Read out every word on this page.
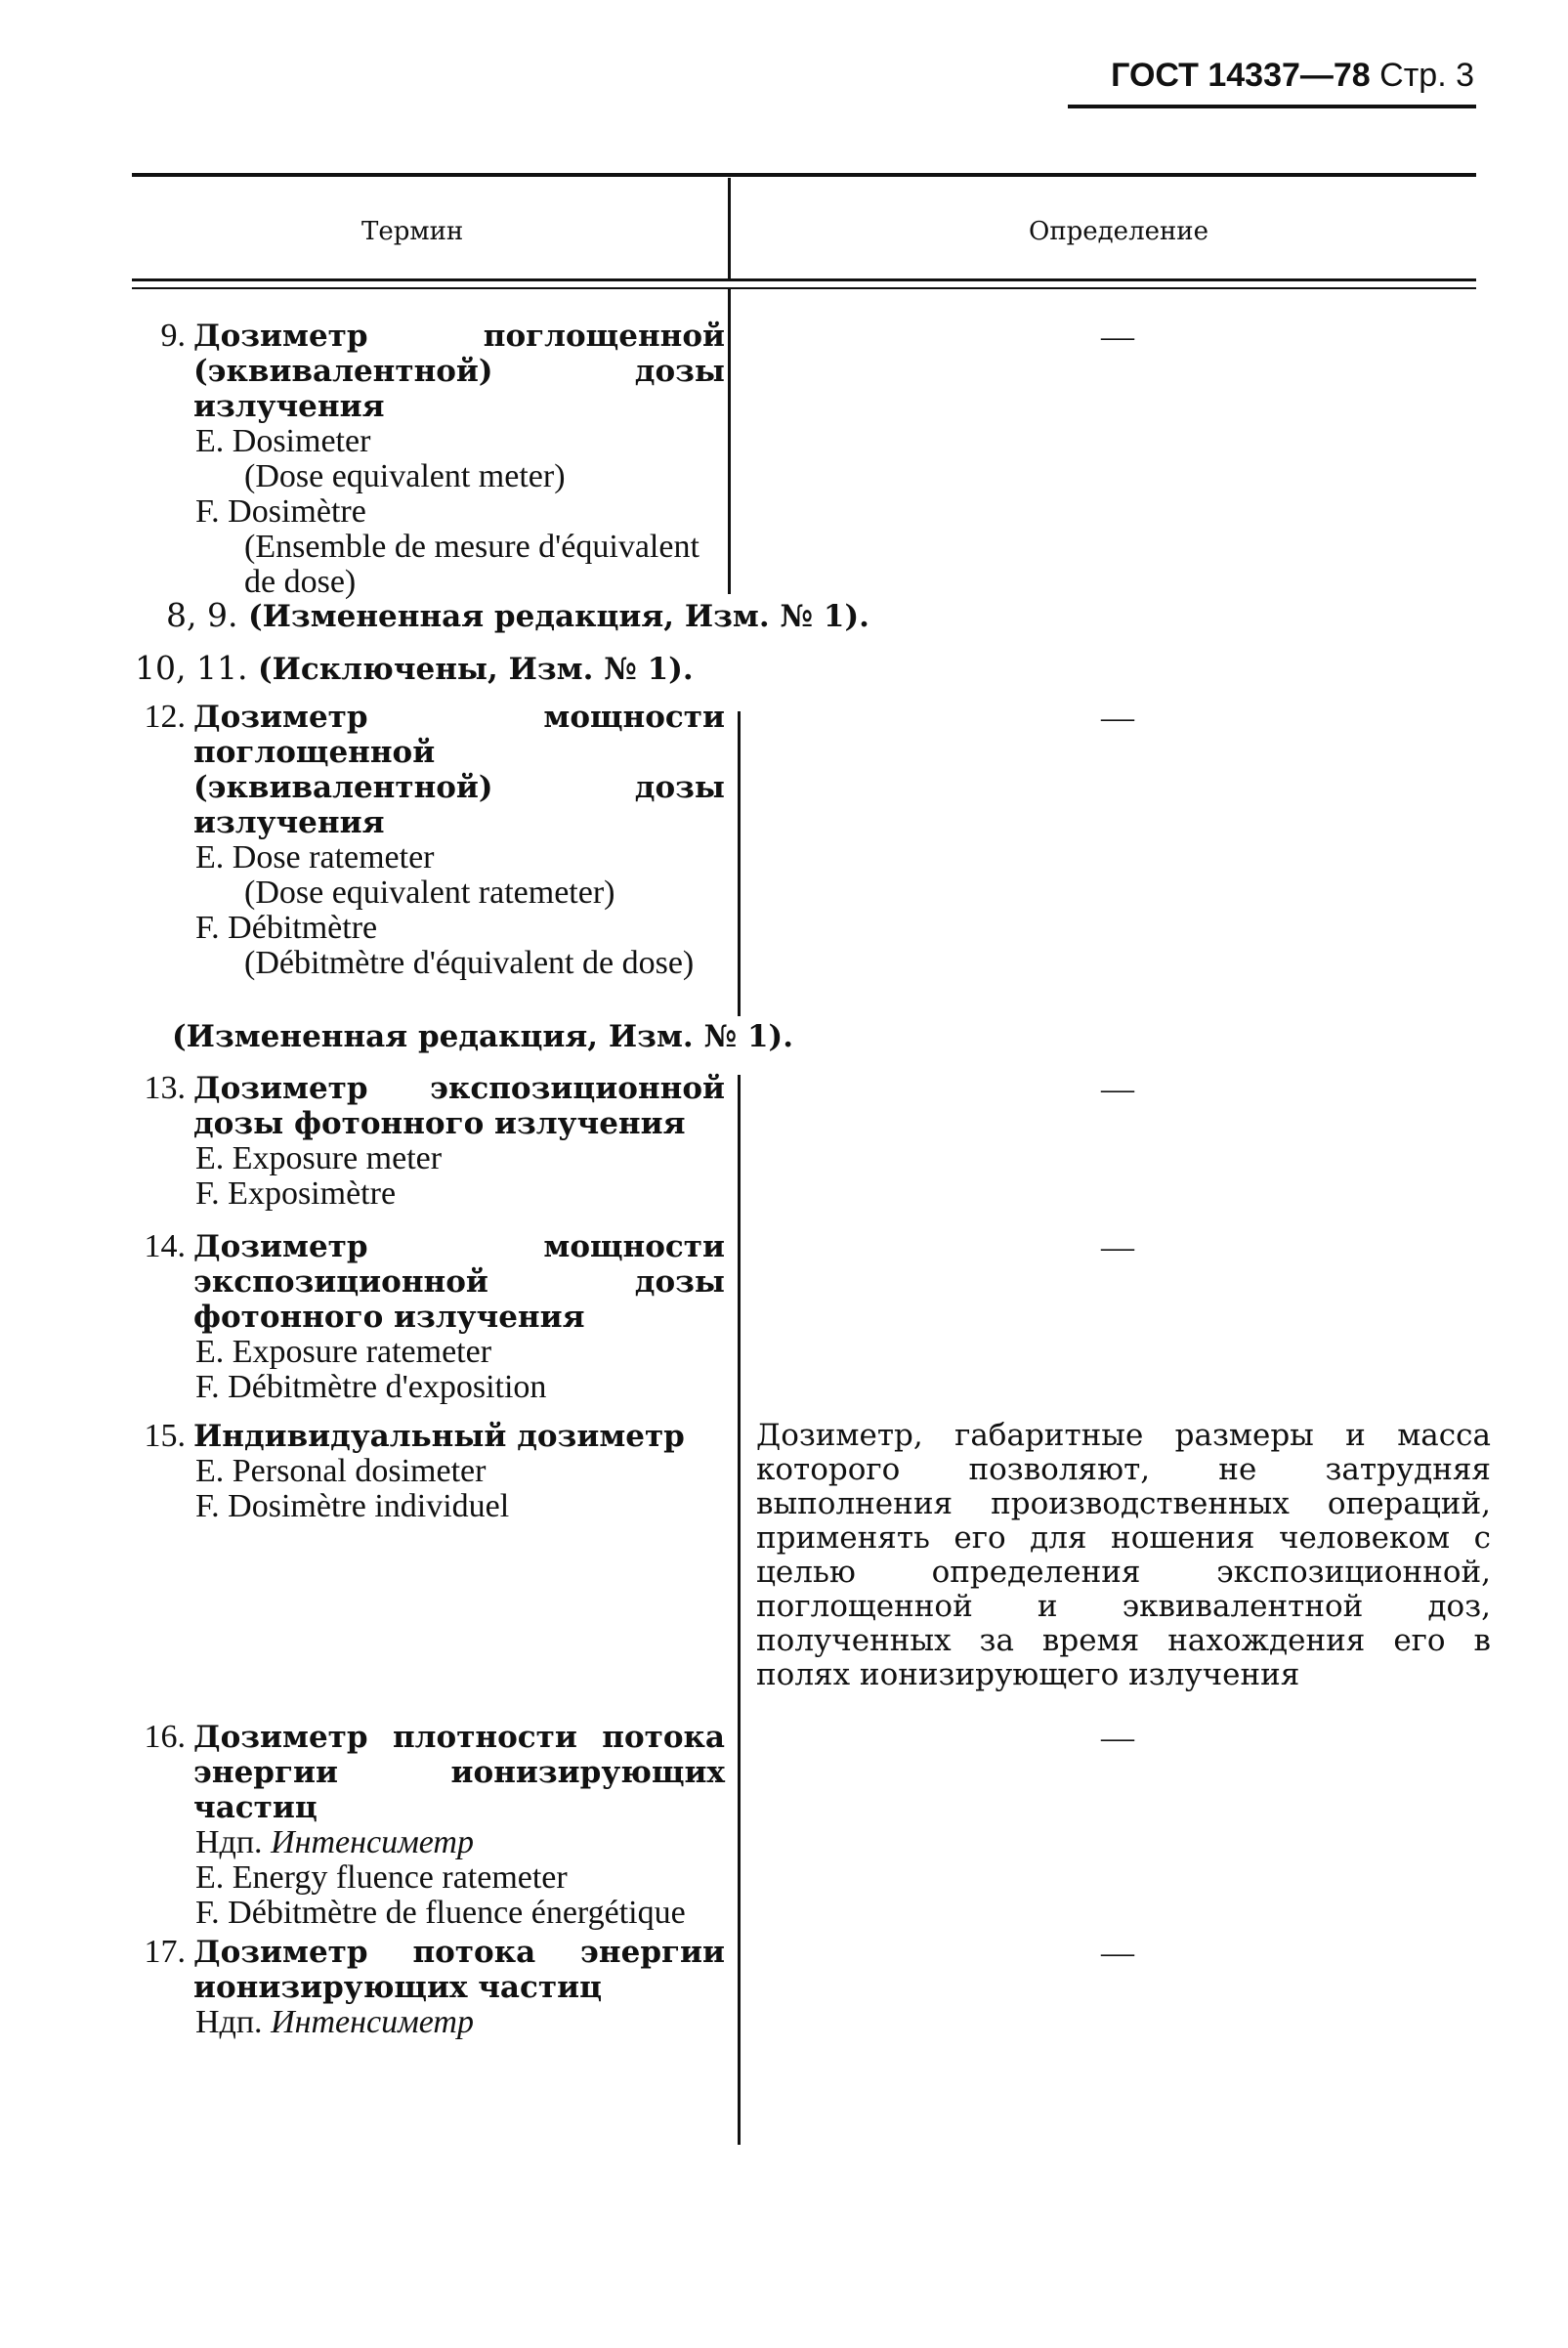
ГОСТ 14337—78 Стр. 3
Термин	Определение
9. Дозиметр поглощенной (эквивалентной) дозы излучения
E. Dosimeter
(Dose equivalent meter)
F. Dosimètre
(Ensemble de mesure d'équivalent de dose)
—
8, 9. (Измененная редакция, Изм. № 1).
10, 11. (Исключены, Изм. № 1).
12. Дозиметр мощности поглощенной (эквивалентной) дозы излучения
E. Dose ratemeter
(Dose equivalent ratemeter)
F. Débitmètre
(Débitmètre d'équivalent de dose)
—
(Измененная редакция, Изм. № 1).
13. Дозиметр экспозиционной дозы фотонного излучения
E. Exposure meter
F. Exposimètre
—
14. Дозиметр мощности экспозиционной дозы фотонного излучения
E. Exposure ratemeter
F. Débitmètre d'exposition
—
15. Индивидуальный дозиметр
E. Personal dosimeter
F. Dosimètre individuel
Дозиметр, габаритные размеры и масса которого позволяют, не затрудняя выполнения производственных операций, применять его для ношения человеком с целью определения экспозиционной, поглощенной и эквивалентной доз, полученных за время нахождения его в полях ионизирующего излучения
16. Дозиметр плотности потока энергии ионизирующих частиц
Ндп. Интенсиметр
E. Energy fluence ratemeter
F. Débitmètre de fluence énergétique
—
17. Дозиметр потока энергии ионизирующих частиц
Ндп. Интенсиметр
—
